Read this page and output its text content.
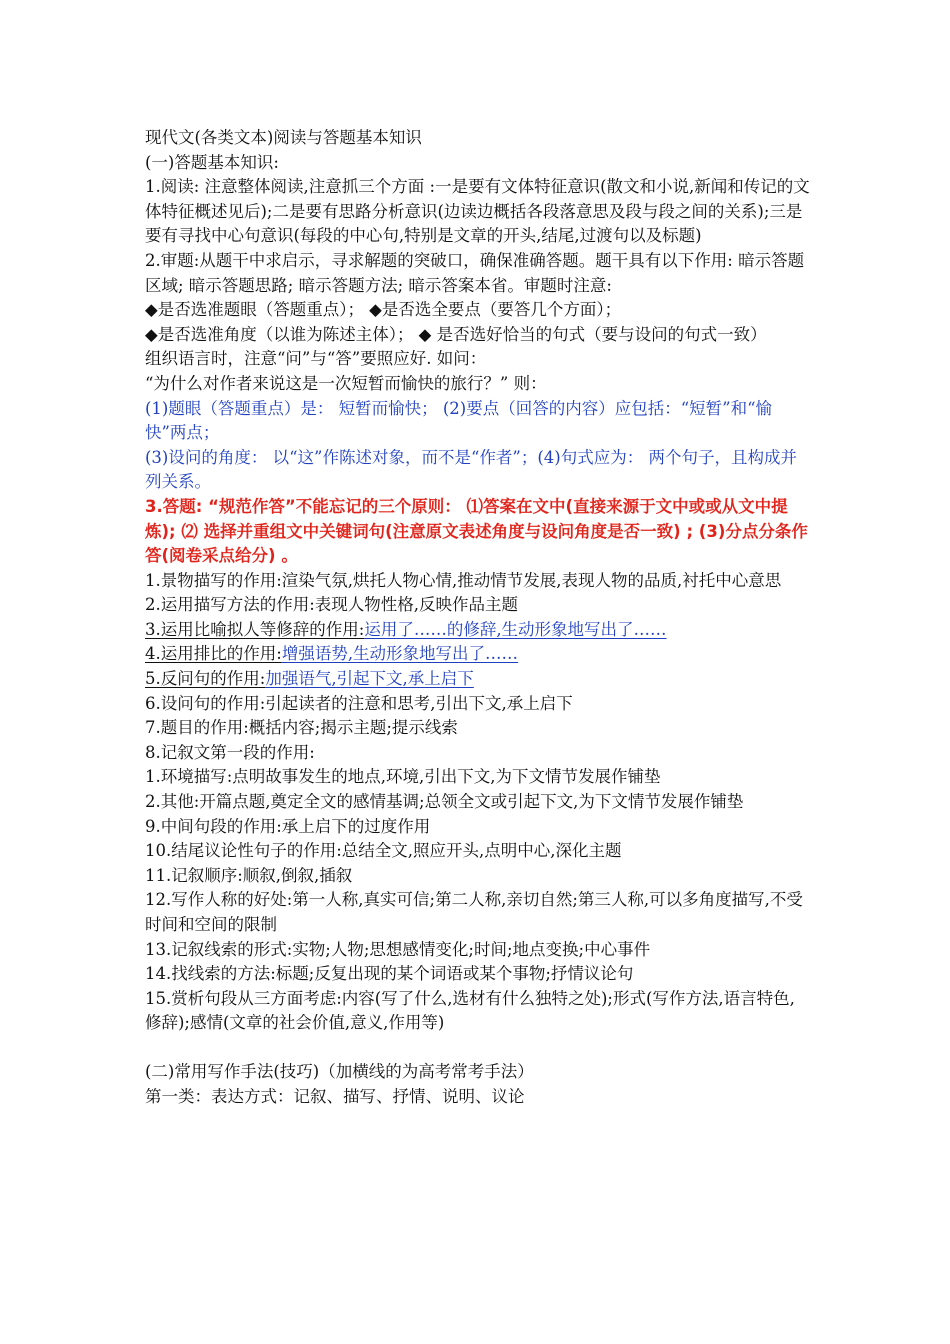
现代文(各类文本)阅读与答题基本知识

(一)答题基本知识:

1.阅读: 注意整体阅读,注意抓三个方面 :一是要有文体特征意识(散文和小说,新闻和传记的文体特征概述见后);二是要有思路分析意识(边读边概括各段落意思及段与段之间的关系);三是要有寻找中心句意识(每段的中心句,特别是文章的开头,结尾,过渡句以及标题)

2.审题:从题干中求启示，寻求解题的突破口，确保准确答题。题干具有以下作用: 暗示答题区域; 暗示答题思路; 暗示答题方法; 暗示答案本省。审题时注意:

◆是否选准题眼（答题重点）； ◆是否选全要点（要答几个方面）；

◆是否选准角度（以谁为陈述主体）； ◆ 是否选好恰当的句式（要与设问的句式一致）

组织语言时，注意“问”与“答”要照应好. 如问：

“为什么对作者来说这是一次短暂而愉快的旅行？” 则：

(1)题眼（答题重点）是： 短暂而愉快； (2)要点（回答的内容）应包括：“短暂”和“愉快”两点；

(3)设问的角度： 以“这”作陈述对象，而不是“作者”；(4)句式应为： 两个句子，且构成并列关系。

3.答题: “规范作答”不能忘记的三个原则： ⑴答案在文中(直接来源于文中或或从文中提炼); ⑵ 选择并重组文中关键词句(注意原文表述角度与设问角度是否一致) ; (3)分点分条作答(阅卷采点给分) 。

1.景物描写的作用:渲染气氛,烘托人物心情,推动情节发展,表现人物的品质,衬托中心意思

2.运用描写方法的作用:表现人物性格,反映作品主题

3.运用比喻拟人等修辞的作用:运用了……的修辞,生动形象地写出了……

4.运用排比的作用:增强语势,生动形象地写出了……

5.反问句的作用:加强语气,引起下文,承上启下

6.设问句的作用:引起读者的注意和思考,引出下文,承上启下

7.题目的作用:概括内容;揭示主题;提示线索

8.记叙文第一段的作用:

1.环境描写:点明故事发生的地点,环境,引出下文,为下文情节发展作铺垫

2.其他:开篇点题,奠定全文的感情基调;总领全文或引起下文,为下文情节发展作铺垫

9.中间句段的作用:承上启下的过度作用

10.结尾议论性句子的作用:总结全文,照应开头,点明中心,深化主题

11.记叙顺序:顺叙,倒叙,插叙

12.写作人称的好处:第一人称,真实可信;第二人称,亲切自然;第三人称,可以多角度描写,不受时间和空间的限制

13.记叙线索的形式:实物;人物;思想感情变化;时间;地点变换;中心事件

14.找线索的方法:标题;反复出现的某个词语或某个事物;抒情议论句

15.赏析句段从三方面考虑:内容(写了什么,选材有什么独特之处);形式(写作方法,语言特色,修辞);感情(文章的社会价值,意义,作用等)

(二)常用写作手法(技巧)（加横线的为高考常考手法）

第一类：表达方式：记叙、描写、抒情、说明、议论
